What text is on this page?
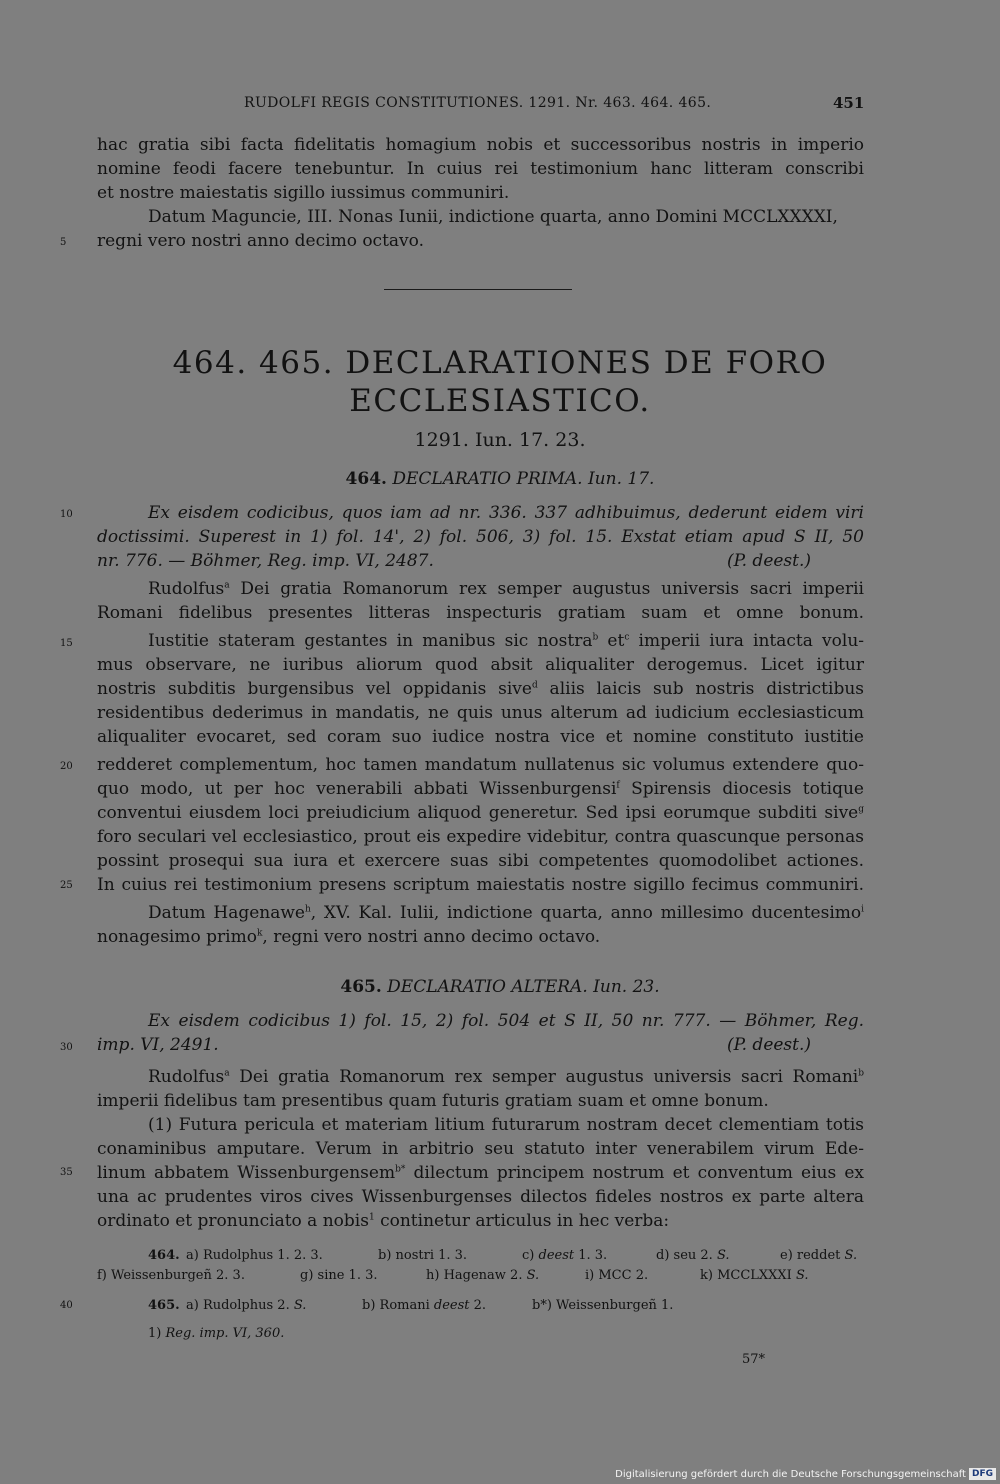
RUDOLFI REGIS CONSTITUTIONES. 1291. Nr. 463. 464. 465.	451
5
10
15
20
25
30
35
40
hac gratia sibi facta fidelitatis homagium nobis et successoribus nostris in imperio
nomine feodi facere tenebuntur. In cuius rei testimonium hanc litteram conscribi
et nostre maiestatis sigillo iussimus communiri.
Datum Maguncie, III. Nonas Iunii, indictione quarta, anno Domini MCCLXXXXI,
regni vero nostri anno decimo octavo.
464. 465. DECLARATIONES DE FORO
ECCLESIASTICO.
1291. Iun. 17. 23.
464. DECLARATIO PRIMA. Iun. 17.
Ex eisdem codicibus, quos iam ad nr. 336. 337 adhibuimus, dederunt eidem viri
doctissimi. Superest in 1) fol. 14', 2) fol. 506, 3) fol. 15. Exstat etiam apud S II, 50
nr. 776. — Böhmer, Reg. imp. VI, 2487.	(P. deest.)
Rudolfus$^a$ Dei gratia Romanorum rex semper augustus universis sacri imperii
Romani fidelibus presentes litteras inspecturis gratiam suam et omne bonum.
Iustitie stateram gestantes in manibus sic nostra$^b$ $et^c$ imperii iura intacta volu-
mus observare, ne iuribus aliorum quod absit aliqualiter derogemus. Licet igitur
nostris subditis burgensibus vel oppidanis sive$^d$ aliis laicis sub nostris districtibus
residentibus dederimus in mandatis, ne quis unus alterum ad iudicium ecclesiasticum
aliqualiter evocaret, sed coram suo iudice nostra vice et nomine constituto iustitie
redderet complementum, hoc tamen mandatum nullatenus sic volumus extendere quo-
quo modo, ut per hoc venerabili abbati Wissenburgensi$^f$ Spirensis diocesis totique
conventui eiusdem loci preiudicium aliquod generetur. Sed ipsi eorumque subditi sive$^g$
foro seculari vel ecclesiastico, prout eis expedire videbitur, contra quascunque personas
possint prosequi sua iura et exercere suas sibi competentes quomodolibet actiones.
In cuius rei testimonium presens scriptum maiestatis nostre sigillo fecimus communiri.
Datum Hagenawe$^h$, XV. Kal. Iulii, indictione quarta, anno millesimo ducentesimo$^i$
nonagesimo primo$^k$, regni vero nostri anno decimo octavo.
465. DECLARATIO ALTERA. Iun. 23.
Ex eisdem codicibus 1) fol. 15, 2) fol. 504 et S II, 50 nr. 777. — Böhmer, Reg.
imp. VI, 2491.	(P. deest.)
Rudolfus$^a$ Dei gratia Romanorum rex semper augustus universis sacri Romani$^b$
imperii fidelibus tam presentibus quam futuris gratiam suam et omne bonum.
(1) Futura pericula et materiam litium futurarum nostram decet clementiam totis
conaminibus amputare. Verum in arbitrio seu statuto inter venerabilem virum Ede-
linum abbatem Wissenburgensem$^{b*}$ dilectum principem nostrum et conventum eius ex
una ac prudentes viros cives Wissenburgenses dilectos fideles nostros ex parte altera
ordinato et pronunciato a nobis$^1$ continetur articulus in hec verba:
464. a) Rudolphus 1. 2. 3.	b) nostri 1. 3.	c) deest 1. 3.	d) seu 2. S.	e) reddet S.
f) Weissenburgeñ 2. 3.	g) sine 1. 3.	h) Hagenaw 2. S.	i) MCC 2.	k) MCCLXXXI S.
465. a) Rudolphus 2. S.	b) Romani deest 2.	b*) Weissenburgeñ 1.
1) Reg. imp. VI, 360.
57*
Digitalisierung gefördert durch die Deutsche Forschungsgemeinschaft DFG
